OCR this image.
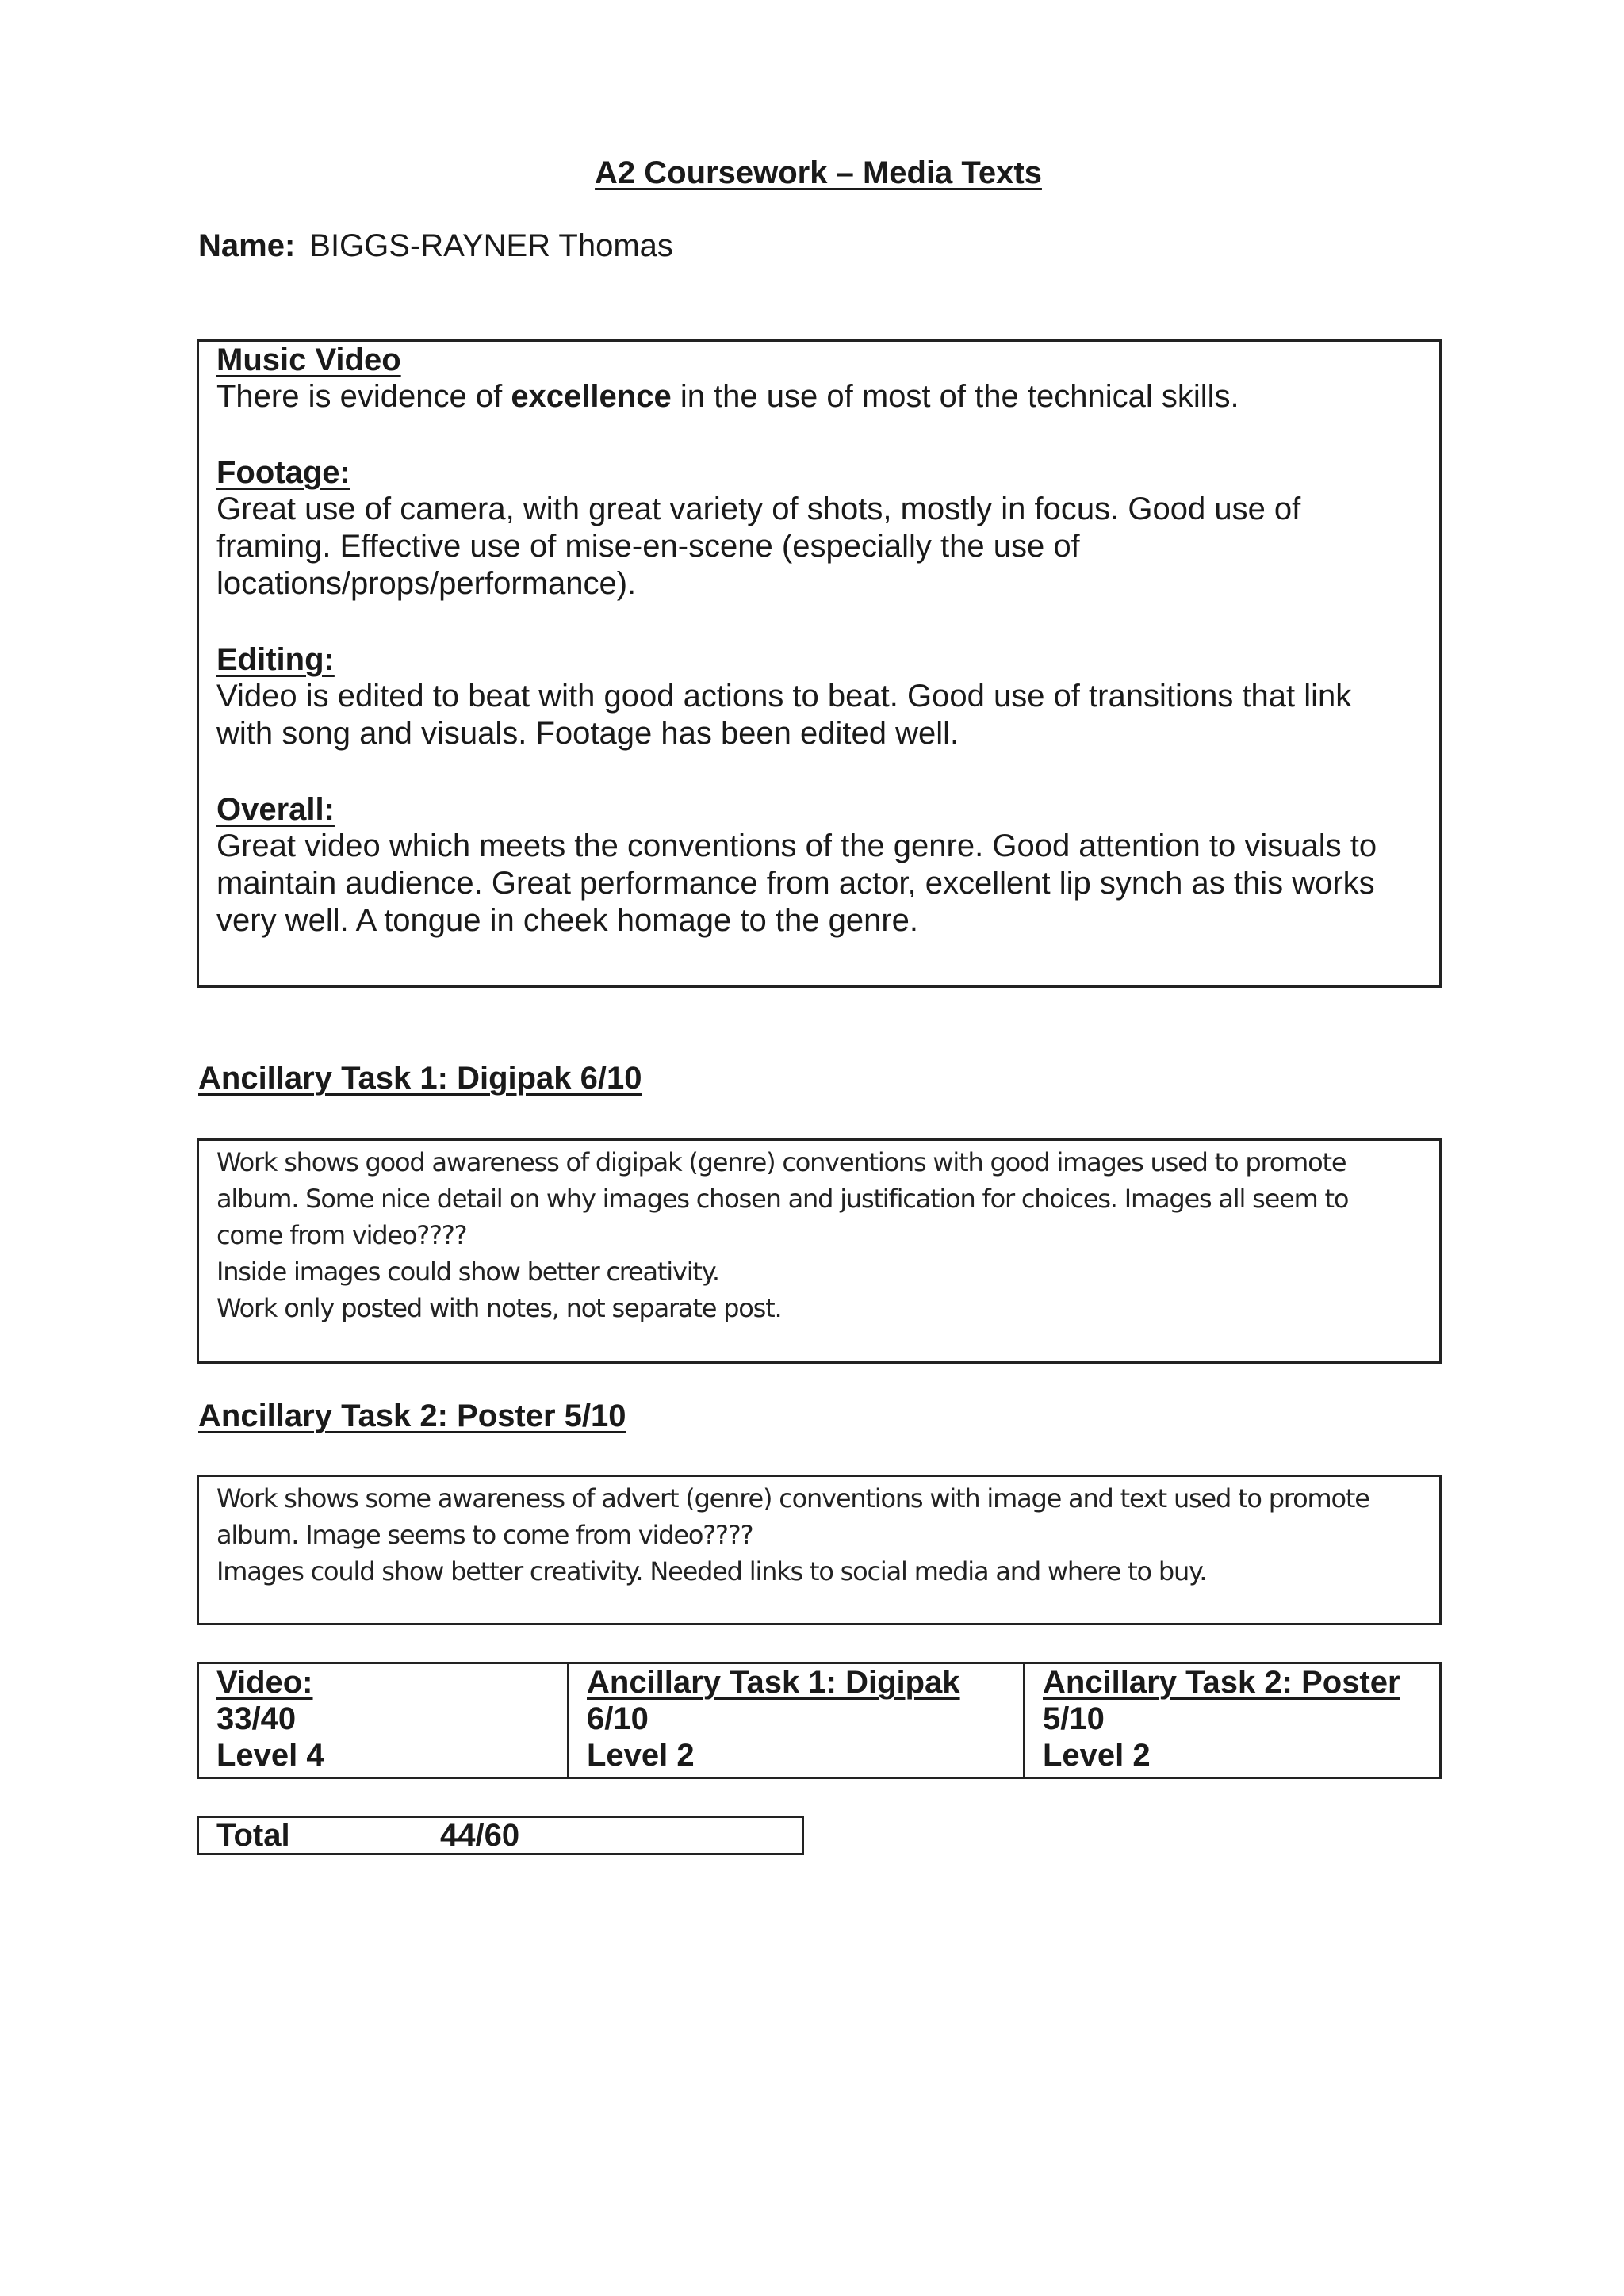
A2 Coursework – Media Texts
Name: BIGGS-RAYNER Thomas
Music Video

There is evidence of excellence in the use of most of the technical skills.

Footage:

Great use of camera, with great variety of shots, mostly in focus. Good use of

framing. Effective use of mise-en-scene (especially the use of

locations/props/performance).

Editing:

Video is edited to beat with good actions to beat. Good use of transitions that link

with song and visuals. Footage has been edited well.

Overall:

Great video which meets the conventions of the genre. Good attention to visuals to

maintain audience. Great performance from actor, excellent lip synch as this works

very well. A tongue in cheek homage to the genre.

Ancillary Task 1: Digipak 6/10
Work shows good awareness of digipak (genre) conventions with good images used to promote
album. Some nice detail on why images chosen and justification for choices. Images all seem to
come from video????
Inside images could show better creativity.
Work only posted with notes, not separate post.
Ancillary Task 2: Poster 5/10
Work shows some awareness of advert (genre) conventions with image and text used to promote
album. Image seems to come from video????
Images could show better creativity. Needed links to social media and where to buy.
Video:
33/40
Level 4
Ancillary Task 1: Digipak
6/10
Level 2
Ancillary Task 2: Poster
5/10
Level 2
Total	44/60
